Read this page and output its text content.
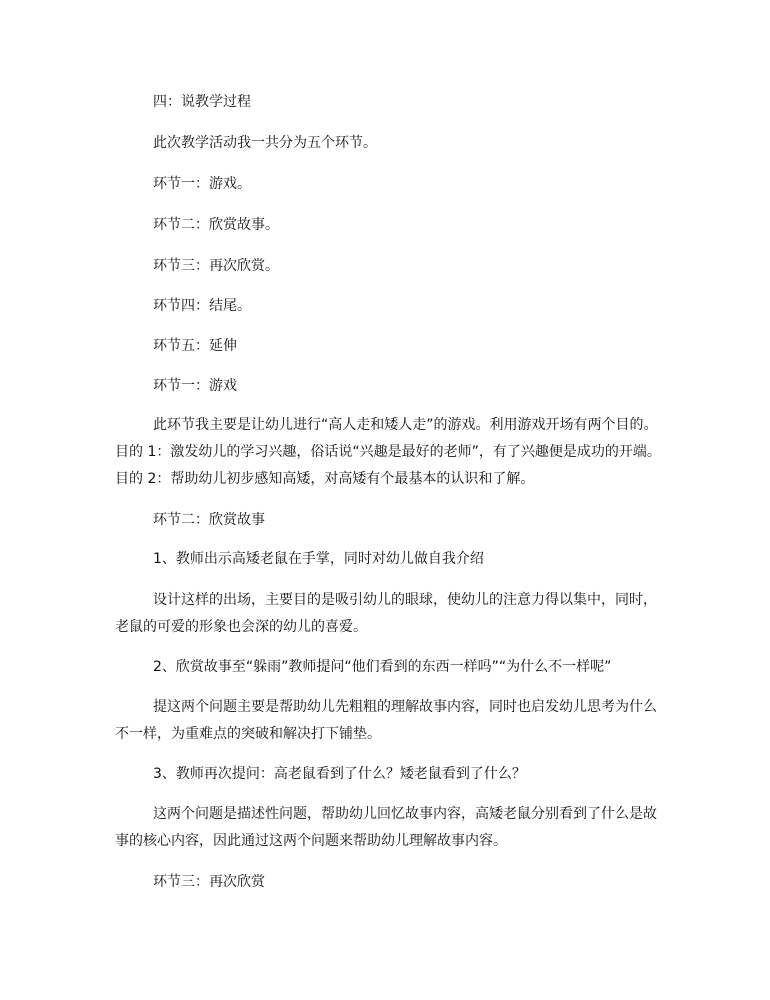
四：说教学过程
此次教学活动我一共分为五个环节。
环节一：游戏。
环节二：欣赏故事。
环节三：再次欣赏。
环节四：结尾。
环节五：延伸
环节一：游戏
此环节我主要是让幼儿进行“高人走和矮人走”的游戏。利用游戏开场有两个目的。
目的 1：激发幼儿的学习兴趣，俗话说“兴趣是最好的老师”，有了兴趣便是成功的开端。
目的 2：帮助幼儿初步感知高矮，对高矮有个最基本的认识和了解。
环节二：欣赏故事
1、教师出示高矮老鼠在手掌，同时对幼儿做自我介绍
设计这样的出场，主要目的是吸引幼儿的眼球，使幼儿的注意力得以集中，同时，
老鼠的可爱的形象也会深的幼儿的喜爱。
2、欣赏故事至“躲雨”教师提问“他们看到的东西一样吗”“为什么不一样呢”
提这两个问题主要是帮助幼儿先粗粗的理解故事内容，同时也启发幼儿思考为什么
不一样，为重难点的突破和解决打下铺垫。
3、教师再次提问：高老鼠看到了什么？矮老鼠看到了什么？
这两个问题是描述性问题，帮助幼儿回忆故事内容，高矮老鼠分别看到了什么是故
事的核心内容，因此通过这两个问题来帮助幼儿理解故事内容。
环节三：再次欣赏
